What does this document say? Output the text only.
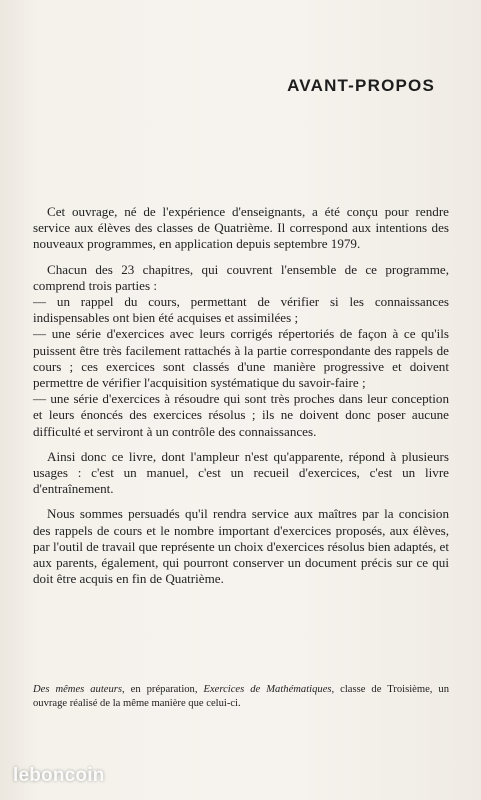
AVANT-PROPOS

Cet ouvrage, né de l'expérience d'enseignants, a été conçu pour rendre service aux élèves des classes de Quatrième. Il correspond aux intentions des nouveaux programmes, en application depuis septembre 1979.

Chacun des 23 chapitres, qui couvrent l'ensemble de ce programme, comprend trois parties :

— un rappel du cours, permettant de vérifier si les connaissances indispensables ont bien été acquises et assimilées ;

— une série d'exercices avec leurs corrigés répertoriés de façon à ce qu'ils puissent être très facilement rattachés à la partie correspondante des rappels de cours ; ces exercices sont classés d'une manière progressive et doivent permettre de vérifier l'acquisition systématique du savoir-faire ;

— une série d'exercices à résoudre qui sont très proches dans leur conception et leurs énoncés des exercices résolus ; ils ne doivent donc poser aucune difficulté et serviront à un contrôle des connaissances.

Ainsi donc ce livre, dont l'ampleur n'est qu'apparente, répond à plusieurs usages : c'est un manuel, c'est un recueil d'exercices, c'est un livre d'entraînement.

Nous sommes persuadés qu'il rendra service aux maîtres par la concision des rappels de cours et le nombre important d'exercices proposés, aux élèves, par l'outil de travail que représente un choix d'exercices résolus bien adaptés, et aux parents, également, qui pourront conserver un document précis sur ce qui doit être acquis en fin de Quatrième.

Des mêmes auteurs, en préparation, Exercices de Mathématiques, classe de Troisième, un ouvrage réalisé de la même manière que celui-ci.
leboncoin
